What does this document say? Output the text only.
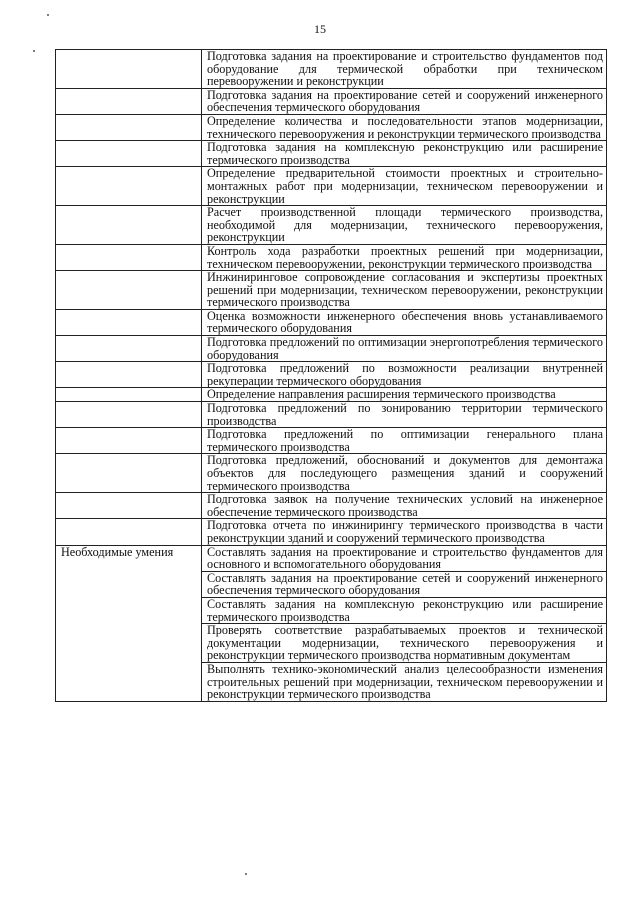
15
	Подготовка задания на проектирование и строительство фундаментов под оборудование для термической обработки при техническом перевооружении и реконструкции
	Подготовка задания на проектирование сетей и сооружений инженерного обеспечения термического оборудования
	Определение количества и последовательности этапов модернизации, технического перевооружения и реконструкции термического производства
	Подготовка задания на комплексную реконструкцию или расширение термического производства
	Определение предварительной стоимости проектных и строительно-монтажных работ при модернизации, техническом перевооружении и реконструкции
	Расчет производственной площади термического производства, необходимой для модернизации, технического перевооружения, реконструкции
	Контроль хода разработки проектных решений при модернизации, техническом перевооружении, реконструкции термического производства
	Инжиниринговое сопровождение согласования и экспертизы проектных решений при модернизации, техническом перевооружении, реконструкции термического производства
	Оценка возможности инженерного обеспечения вновь устанавливаемого термического оборудования
	Подготовка предложений по оптимизации энергопотребления термического оборудования
	Подготовка предложений по возможности реализации внутренней рекуперации термического оборудования
	Определение направления расширения термического производства
	Подготовка предложений по зонированию территории термического производства
	Подготовка предложений по оптимизации генерального плана термического производства
	Подготовка предложений, обоснований и документов для демонтажа объектов для последующего размещения зданий и сооружений термического производства
	Подготовка заявок на получение технических условий на инженерное обеспечение термического производства
	Подготовка отчета по инжинирингу термического производства в части реконструкции зданий и сооружений термического производства
Необходимые умения	Составлять задания на проектирование и строительство фундаментов для основного и вспомогательного оборудования
	Составлять задания на проектирование сетей и сооружений инженерного обеспечения термического оборудования
	Составлять задания на комплексную реконструкцию или расширение термического производства
	Проверять соответствие разрабатываемых проектов и технической документации модернизации, технического перевооружения и реконструкции термического производства нормативным документам
	Выполнять технико-экономический анализ целесообразности изменения строительных решений при модернизации, техническом перевооружении и реконструкции термического производства
